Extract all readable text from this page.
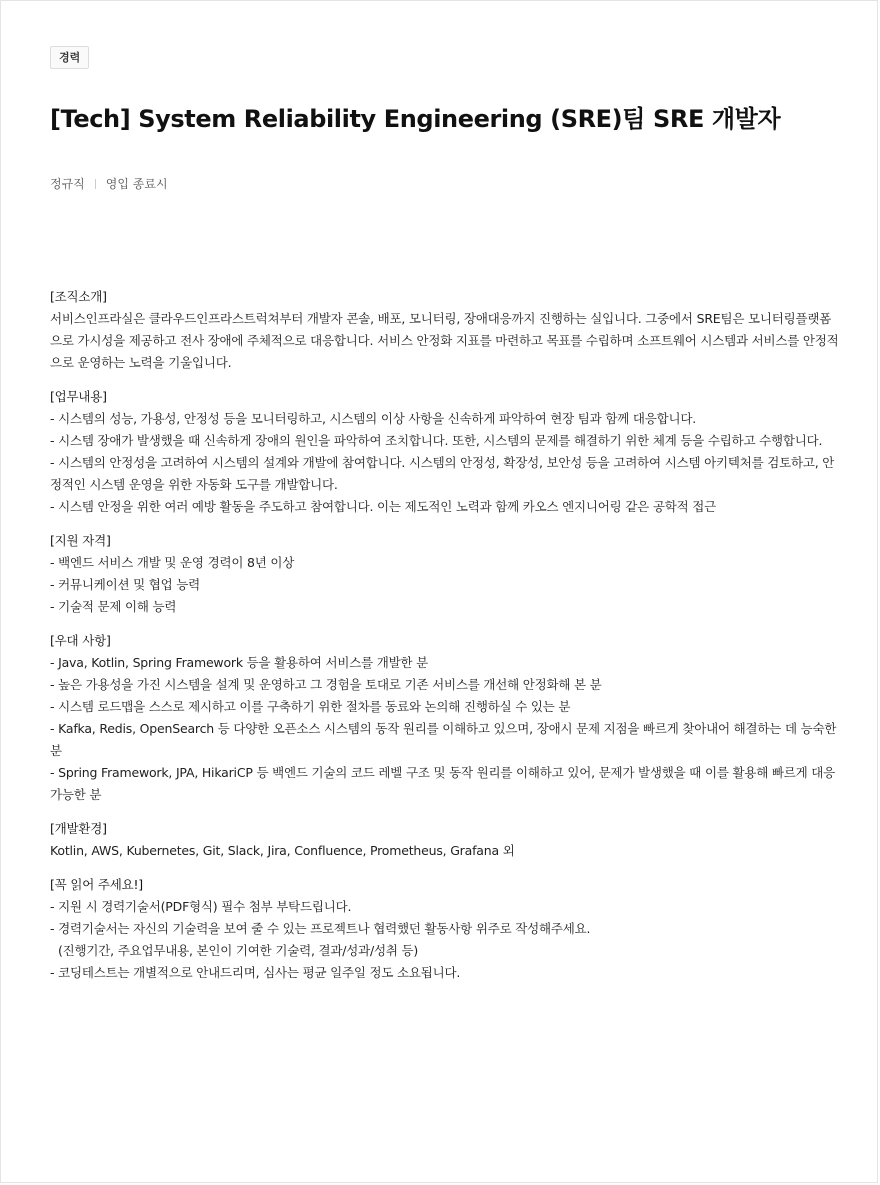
경력
[Tech] System Reliability Engineering (SRE)팀 SRE 개발자
정규직 영입 종료시
[조직소개]
서비스인프라실은 클라우드인프라스트럭쳐부터 개발자 콘솔, 배포, 모니터링, 장애대응까지 진행하는 실입니다. 그중에서 SRE팀은 모니터링플랫폼으로 가시성을 제공하고 전사 장애에 주체적으로 대응합니다. 서비스 안정화 지표를 마련하고 목표를 수립하며 소프트웨어 시스템과 서비스를 안정적으로 운영하는 노력을 기울입니다.
[업무내용]
- 시스템의 성능, 가용성, 안정성 등을 모니터링하고, 시스템의 이상 사항을 신속하게 파악하여 현장 팀과 함께 대응합니다.
- 시스템 장애가 발생했을 때 신속하게 장애의 원인을 파악하여 조치합니다. 또한, 시스템의 문제를 해결하기 위한 체계 등을 수립하고 수행합니다.
- 시스템의 안정성을 고려하여 시스템의 설계와 개발에 참여합니다. 시스템의 안정성, 확장성, 보안성 등을 고려하여 시스템 아키텍처를 검토하고, 안정적인 시스템 운영을 위한 자동화 도구를 개발합니다.
- 시스템 안정을 위한 여러 예방 활동을 주도하고 참여합니다. 이는 제도적인 노력과 함께 카오스 엔지니어링 같은 공학적 접근
[지원 자격]
- 백엔드 서비스 개발 및 운영 경력이 8년 이상
- 커뮤니케이션 및 협업 능력
- 기술적 문제 이해 능력
[우대 사항]
- Java, Kotlin, Spring Framework 등을 활용하여 서비스를 개발한 분
- 높은 가용성을 가진 시스템을 설계 및 운영하고 그 경험을 토대로 기존 서비스를 개선해 안정화해 본 분
- 시스템 로드맵을 스스로 제시하고 이를 구축하기 위한 절차를 동료와 논의해 진행하실 수 있는 분
- Kafka, Redis, OpenSearch 등 다양한 오픈소스 시스템의 동작 원리를 이해하고 있으며, 장애시 문제 지점을 빠르게 찾아내어 해결하는 데 능숙한 분
- Spring Framework, JPA, HikariCP 등 백엔드 기술의 코드 레벨 구조 및 동작 원리를 이해하고 있어, 문제가 발생했을 때 이를 활용해 빠르게 대응 가능한 분
[개발환경]
Kotlin, AWS, Kubernetes, Git, Slack, Jira, Confluence, Prometheus, Grafana 외
[꼭 읽어 주세요!]
- 지원 시 경력기술서(PDF형식) 필수 첨부 부탁드립니다.
- 경력기술서는 자신의 기술력을 보여 줄 수 있는 프로젝트나 협력했던 활동사항 위주로 작성해주세요.
(진행기간, 주요업무내용, 본인이 기여한 기술력, 결과/성과/성취 등)
- 코딩테스트는 개별적으로 안내드리며, 심사는 평균 일주일 정도 소요됩니다.
